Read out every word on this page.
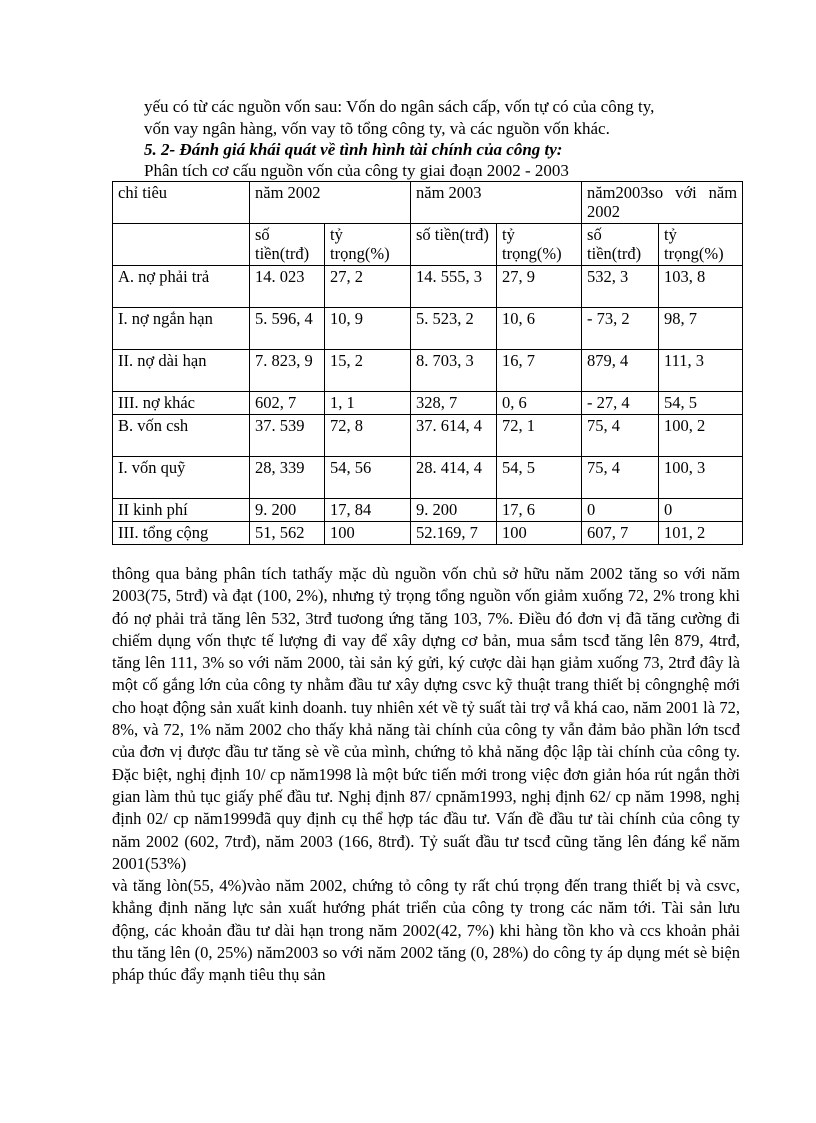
yếu có từ các nguồn vốn sau: Vốn do ngân sách cấp, vốn tự có của công ty,

vốn vay ngân hàng, vốn vay tõ tổng công ty, và các nguồn vốn khác.

5. 2- Đánh giá khái quát về tình hình tài chính của công ty:
Phân tích cơ cấu nguồn vốn của công ty giai đoạn 2002 - 2003
chỉ tiêu	năm 2002		năm 2003		năm2003so với năm 2002	
	số tiền(trđ)	tỷ trọng(%)	số tiền(trđ)	tỷ trọng(%)	số tiền(trđ)	tỷ trọng(%)
A. nợ phải trả	14. 023	27, 2	14. 555, 3	27, 9	532, 3	103, 8
I. nợ ngắn hạn	5. 596, 4	10, 9	5. 523, 2	10, 6	- 73, 2	98, 7
II. nợ dài hạn	7. 823, 9	15, 2	8. 703, 3	16, 7	879, 4	111, 3
III. nợ khác	602, 7	1, 1	328, 7	0, 6	- 27, 4	54, 5
B. vốn csh	37. 539	72, 8	37. 614, 4	72, 1	75, 4	100, 2
I. vốn quỹ	28, 339	54, 56	28. 414, 4	54, 5	75, 4	100, 3
II kinh phí	9. 200	17, 84	9. 200	17, 6	0	0
III. tổng cộng	51, 562	100	52.169, 7	100	607, 7	101, 2

thông qua bảng phân tích tathấy mặc dù nguồn vốn chủ sở hữu năm 2002 tăng so với năm 2003(75, 5trđ) và đạt (100, 2%), nhưng tỷ trọng tổng nguồn vốn giảm xuống 72, 2% trong khi đó nợ phải trả tăng lên 532, 3trđ tuơong ứng tăng 103, 7%. Điều đó đơn vị đã tăng cường đi chiếm dụng vốn thực tế lượng đi vay để xây dựng cơ bản, mua sắm tscđ tăng lên 879, 4trđ, tăng lên 111, 3% so với năm 2000, tài sản ký gửi, ký cược dài hạn giảm xuống 73, 2trđ đây là một cố gắng lớn của công ty nhằm đầu tư xây dựng csvc kỹ thuật trang thiết bị côngnghệ mới cho hoạt động sản xuất kinh doanh. tuy nhiên xét về tỷ suất tài trợ vẫ khá cao, năm 2001 là 72, 8%, và 72, 1% năm 2002 cho thấy khả năng tài chính của công ty vẫn đảm bảo phần lớn tscđ của đơn vị được đầu tư tăng sè về của mình, chứng tỏ khả năng độc lập tài chính của công ty. Đặc biệt, nghị định 10/ cp năm1998 là một bức tiến mới trong việc đơn giản hóa rút ngắn thời gian làm thủ tục giấy phế đầu tư. Nghị định 87/ cpnăm1993, nghị định 62/ cp năm 1998, nghị định 02/ cp năm1999đã quy định cụ thể hợp tác đầu tư. Vấn đề đầu tư tài chính của công ty năm 2002 (602, 7trđ), năm 2003 (166, 8trđ). Tỷ suất đầu tư tscđ cũng tăng lên đáng kể năm 2001(53%)

và tăng lòn(55, 4%)vào năm 2002, chứng tỏ công ty rất chú trọng đến trang thiết bị và csvc, khẳng định năng lực sản xuất hướng phát triển của công ty trong các năm tới. Tài sản lưu động, các khoản đầu tư dài hạn trong năm 2002(42, 7%) khi hàng tồn kho và ccs khoản phải thu tăng lên (0, 25%) năm2003 so với năm 2002 tăng (0, 28%) do công ty áp dụng mét sè biện pháp thúc đẩy mạnh tiêu thụ sản
